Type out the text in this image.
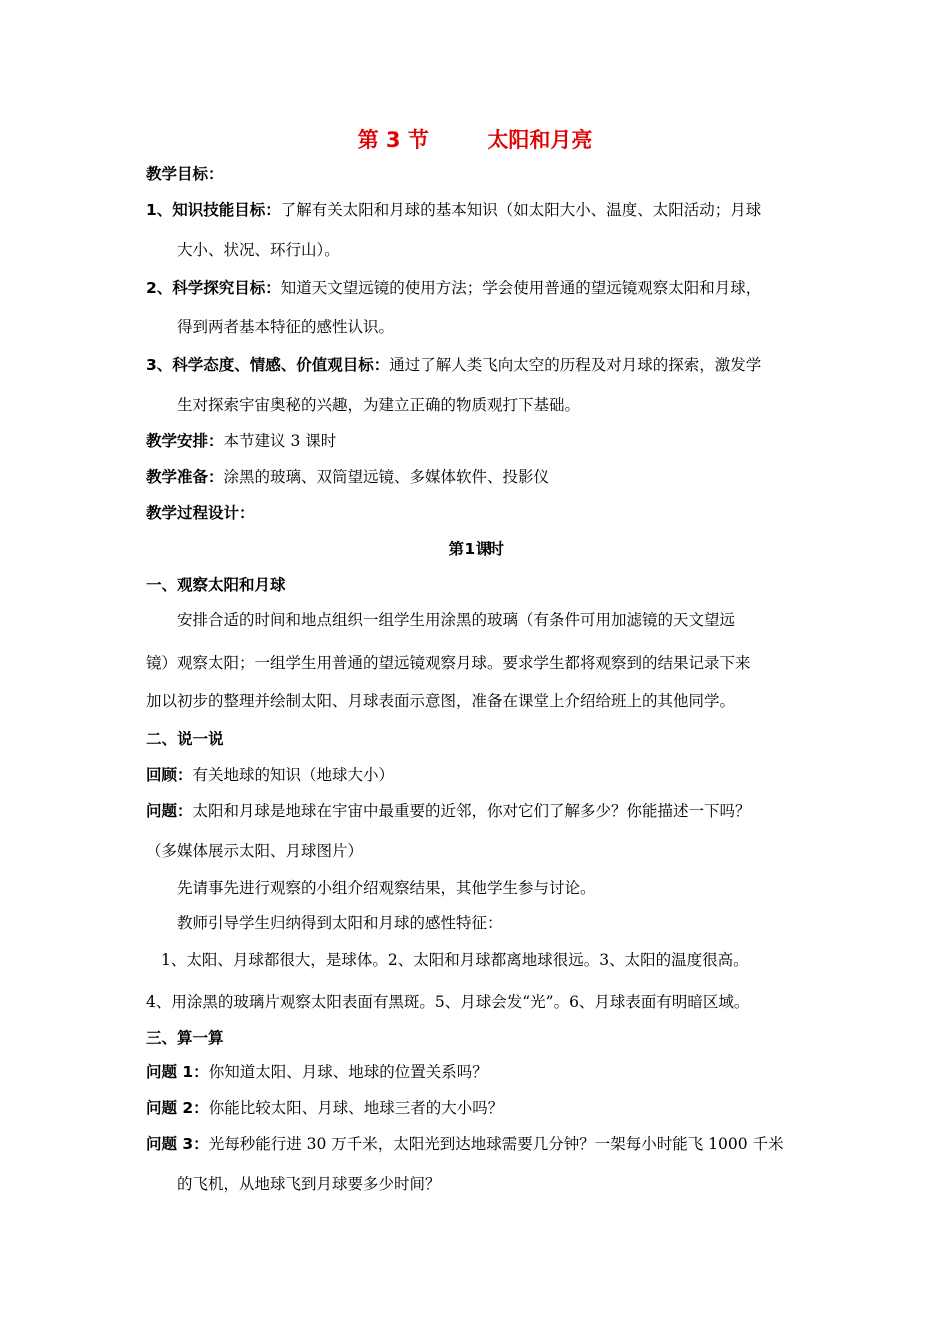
第 3 节        太阳和月亮
教学目标：
1、知识技能目标：了解有关太阳和月球的基本知识（如太阳大小、温度、太阳活动；月球
大小、状况、环行山）。
2、科学探究目标：知道天文望远镜的使用方法；学会使用普通的望远镜观察太阳和月球，
得到两者基本特征的感性认识。
3、科学态度、情感、价值观目标：通过了解人类飞向太空的历程及对月球的探索，激发学
生对探索宇宙奥秘的兴趣，为建立正确的物质观打下基础。
教学安排：本节建议 3 课时
教学准备：涂黑的玻璃、双筒望远镜、多媒体软件、投影仪
教学过程设计：
第 1 课时
一、观察太阳和月球
安排合适的时间和地点组织一组学生用涂黑的玻璃（有条件可用加滤镜的天文望远
镜）观察太阳；一组学生用普通的望远镜观察月球。要求学生都将观察到的结果记录下来
加以初步的整理并绘制太阳、月球表面示意图，准备在课堂上介绍给班上的其他同学。
二、说一说
回顾：有关地球的知识（地球大小）
问题：太阳和月球是地球在宇宙中最重要的近邻，你对它们了解多少？你能描述一下吗？
（多媒体展示太阳、月球图片）
先请事先进行观察的小组介绍观察结果，其他学生参与讨论。
教师引导学生归纳得到太阳和月球的感性特征：
1、太阳、月球都很大，是球体。2、太阳和月球都离地球很远。3、太阳的温度很高。
4、用涂黑的玻璃片观察太阳表面有黑斑。5、月球会发“光”。6、月球表面有明暗区域。
三、算一算
问题 1：你知道太阳、月球、地球的位置关系吗？
问题 2：你能比较太阳、月球、地球三者的大小吗？
问题 3：光每秒能行进 30 万千米，太阳光到达地球需要几分钟？一架每小时能飞 1000 千米
的飞机，从地球飞到月球要多少时间？
